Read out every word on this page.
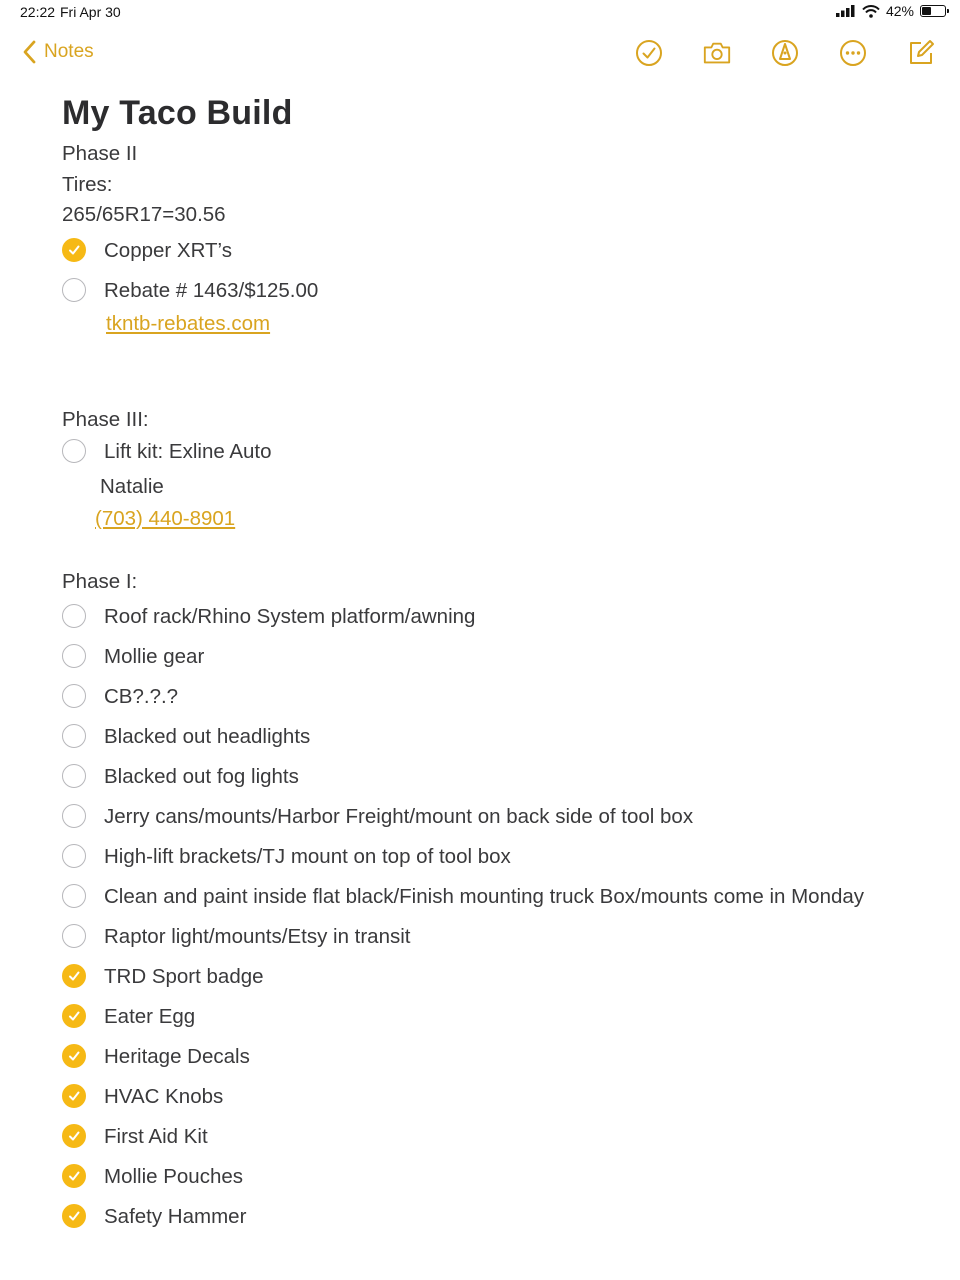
22:22 Fri Apr 30	42%
Notes
My Taco Build
Phase II
Tires:
265/65R17=30.56
Copper XRT’s
Rebate # 1463/$125.00
tkntb-rebates.com
Phase III:
Lift kit: Exline Auto
Natalie
(703) 440-8901
Phase I:
Roof rack/Rhino System platform/awning
Mollie gear
CB?.?.?
Blacked out headlights
Blacked out fog lights
Jerry cans/mounts/Harbor Freight/mount on back side of tool box
High-lift brackets/TJ mount on top of tool box
Clean and paint inside flat black/Finish mounting truck Box/mounts come in Monday
Raptor light/mounts/Etsy in transit
TRD Sport badge
Eater Egg
Heritage Decals
HVAC Knobs
First Aid Kit
Mollie Pouches
Safety Hammer
